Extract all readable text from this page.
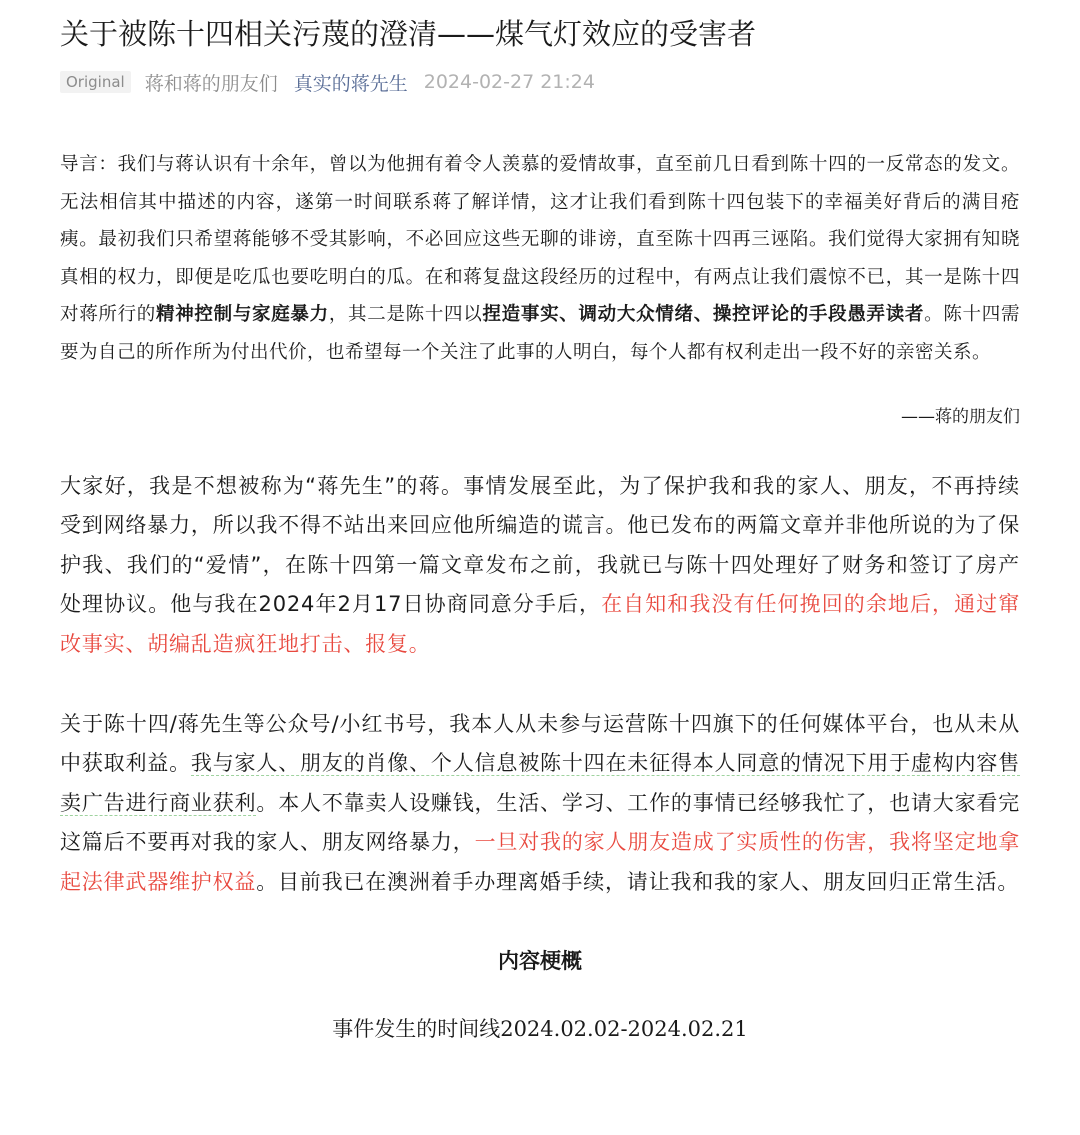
关于被陈十四相关污蔑的澄清——煤气灯效应的受害者
Original	蒋和蒋的朋友们 真实的蒋先生 2024-02-27 21:24

导言：我们与蒋认识有十余年，曾以为他拥有着令人羡慕的爱情故事，直至前几日看到陈十四的一反常态的发文。无法相信其中描述的内容，遂第一时间联系蒋了解详情，这才让我们看到陈十四包装下的幸福美好背后的满目疮痍。最初我们只希望蒋能够不受其影响，不必回应这些无聊的诽谤，直至陈十四再三诬陷。我们觉得大家拥有知晓真相的权力，即便是吃瓜也要吃明白的瓜。在和蒋复盘这段经历的过程中，有两点让我们震惊不已，其一是陈十四对蒋所行的精神控制与家庭暴力，其二是陈十四以捏造事实、调动大众情绪、操控评论的手段愚弄读者。陈十四需要为自己的所作所为付出代价，也希望每一个关注了此事的人明白，每个人都有权利走出一段不好的亲密关系。

——蒋的朋友们

大家好，我是不想被称为“蒋先生”的蒋。事情发展至此，为了保护我和我的家人、朋友，不再持续受到网络暴力，所以我不得不站出来回应他所编造的谎言。他已发布的两篇文章并非他所说的为了保护我、我们的“爱情”，在陈十四第一篇文章发布之前，我就已与陈十四处理好了财务和签订了房产处理协议。他与我在2024年2月17日协商同意分手后，在自知和我没有任何挽回的余地后，通过窜改事实、胡编乱造疯狂地打击、报复。

关于陈十四/蒋先生等公众号/小红书号，我本人从未参与运营陈十四旗下的任何媒体平台，也从未从中获取利益。我与家人、朋友的肖像、个人信息被陈十四在未征得本人同意的情况下用于虚构内容售卖广告进行商业获利。本人不靠卖人设赚钱，生活、学习、工作的事情已经够我忙了，也请大家看完这篇后不要再对我的家人、朋友网络暴力，一旦对我的家人朋友造成了实质性的伤害，我将坚定地拿起法律武器维护权益。目前我已在澳洲着手办理离婚手续，请让我和我的家人、朋友回归正常生活。

内容梗概
事件发生的时间线2024.02.02-2024.02.21
